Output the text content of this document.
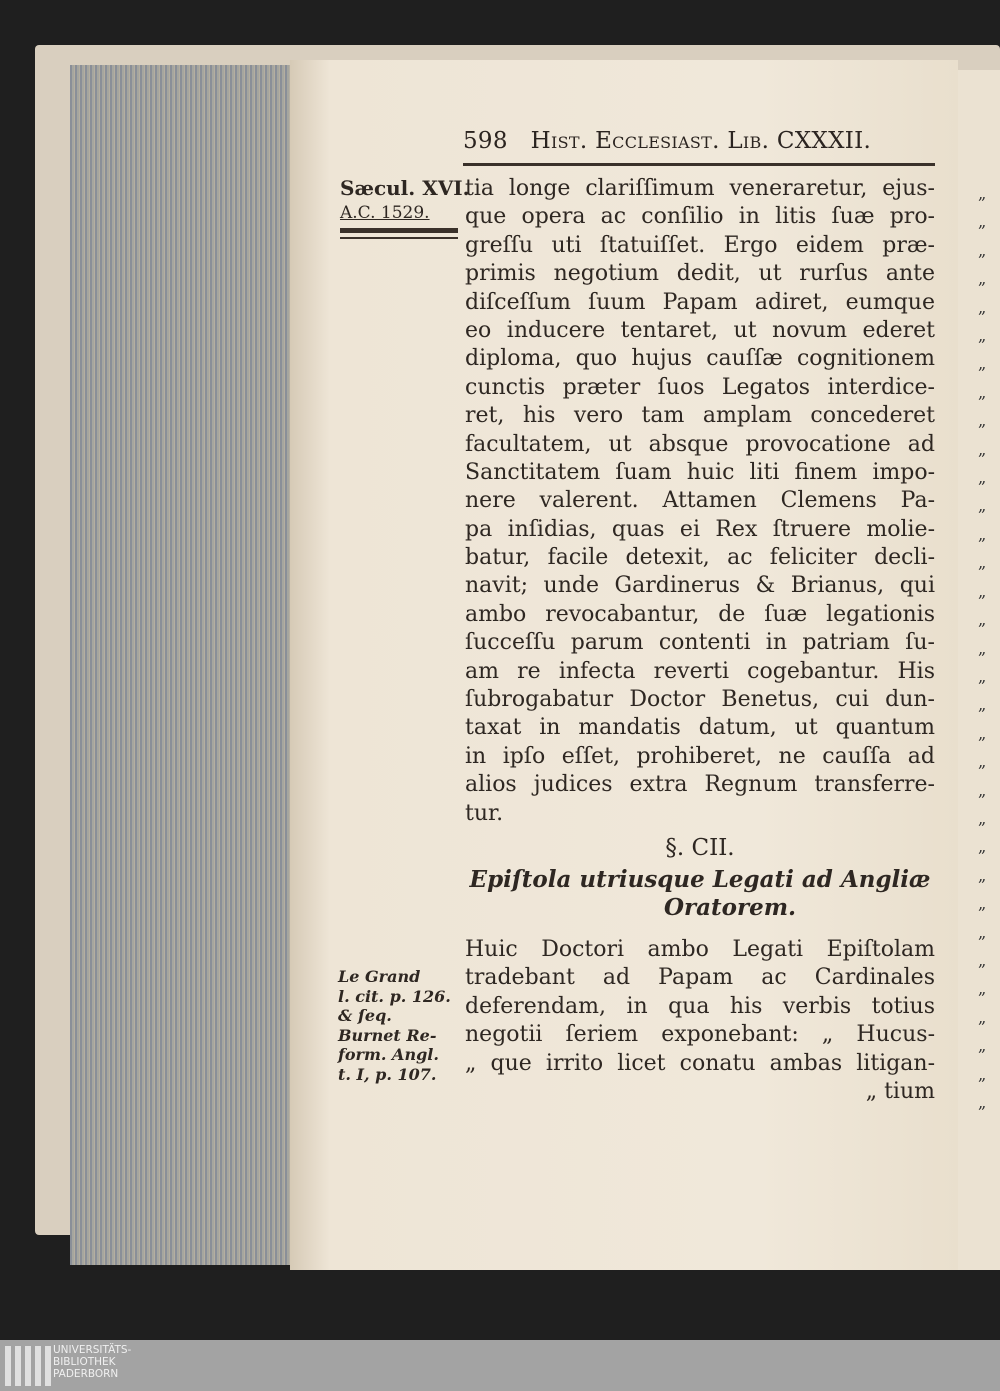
598 Hist. Ecclesiast. Lib. CXXXII.
Sæcul. XVI.
A.C. 1529.
tia longe clariſſimum veneraretur, ejus-
que opera ac conſilio in litis ſuæ pro-
greſſu uti ſtatuiſſet. Ergo eidem præ-
primis negotium dedit, ut rurſus ante
diſceſſum ſuum Papam adiret, eumque
eo inducere tentaret, ut novum ederet
diploma, quo hujus cauſſæ cognitionem
cunctis præter ſuos Legatos interdice-
ret, his vero tam amplam concederet
facultatem, ut absque provocatione ad
Sanctitatem ſuam huic liti finem impo-
nere valerent. Attamen Clemens Pa-
pa inſidias, quas ei Rex ſtruere molie-
batur, facile detexit, ac feliciter decli-
navit; unde Gardinerus & Brianus, qui
ambo revocabantur, de ſuæ legationis
ſucceſſu parum contenti in patriam ſu-
am re infecta reverti cogebantur. His
ſubrogabatur Doctor Benetus, cui dun-
taxat in mandatis datum, ut quantum
in ipſo eſſet, prohiberet, ne cauſſa ad
alios judices extra Regnum transferre-
tur.
§. CII.
Epiſtola utriusque Legati ad Angliæ
Oratorem.
Huic Doctori ambo Legati Epiſtolam
tradebant ad Papam ac Cardinales
deferendam, in qua his verbis totius
negotii ſeriem exponebant: „ Hucus-
„ que irrito licet conatu ambas litigan-
„ tium
Le Grand
l. cit. p. 126.
& ſeq.
Burnet Re-
form. Angl.
t. I, p. 107.
„
„
„
„
„
„
„
„
„
„
„
„
„
„
„
„
„
„
„
„
„
„
„
„
„
„
„
„
„
„
„
„
„
UNIVERSITÄTS-
BIBLIOTHEK
PADERBORN
